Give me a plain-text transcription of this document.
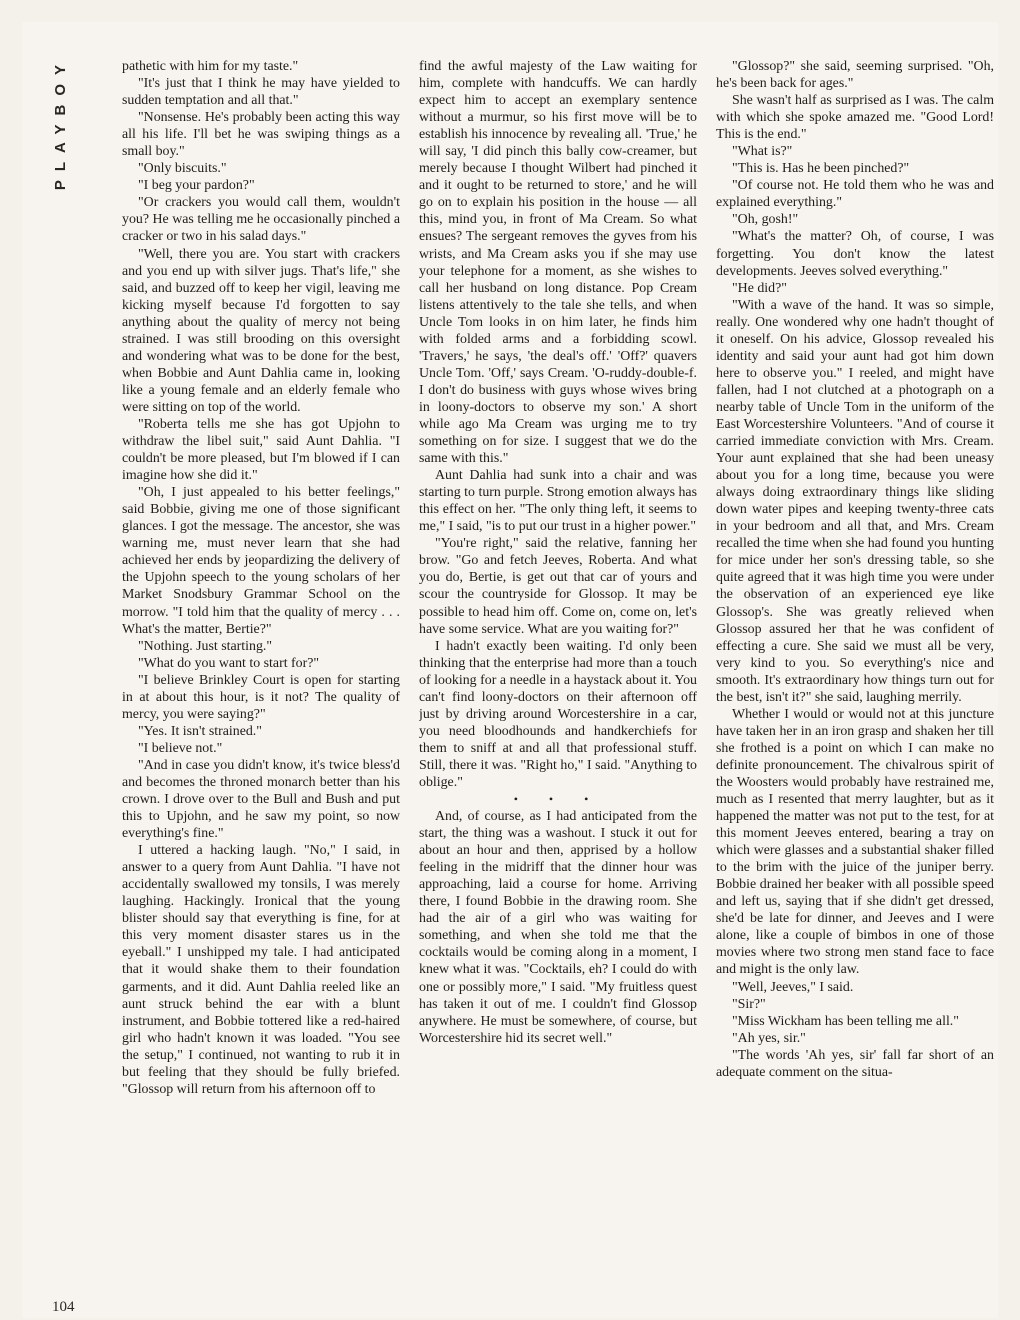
PLAYBOY
104

pathetic with him for my taste."

"It's just that I think he may have yielded to sudden temptation and all that."

"Nonsense. He's probably been acting this way all his life. I'll bet he was swiping things as a small boy."

"Only biscuits."

"I beg your pardon?"

"Or crackers you would call them, wouldn't you? He was telling me he occasionally pinched a cracker or two in his salad days."

"Well, there you are. You start with crackers and you end up with silver jugs. That's life," she said, and buzzed off to keep her vigil, leaving me kicking myself because I'd forgotten to say anything about the quality of mercy not being strained. I was still brooding on this oversight and wondering what was to be done for the best, when Bobbie and Aunt Dahlia came in, looking like a young female and an elderly female who were sitting on top of the world.

"Roberta tells me she has got Upjohn to withdraw the libel suit," said Aunt Dahlia. "I couldn't be more pleased, but I'm blowed if I can imagine how she did it."

"Oh, I just appealed to his better feelings," said Bobbie, giving me one of those significant glances. I got the message. The ancestor, she was warning me, must never learn that she had achieved her ends by jeopardizing the delivery of the Upjohn speech to the young scholars of her Market Snodsbury Grammar School on the morrow. "I told him that the quality of mercy . . . What's the matter, Bertie?"

"Nothing. Just starting."

"What do you want to start for?"

"I believe Brinkley Court is open for starting in at about this hour, is it not? The quality of mercy, you were saying?"

"Yes. It isn't strained."

"I believe not."

"And in case you didn't know, it's twice bless'd and becomes the throned monarch better than his crown. I drove over to the Bull and Bush and put this to Upjohn, and he saw my point, so now everything's fine."

I uttered a hacking laugh. "No," I said, in answer to a query from Aunt Dahlia. "I have not accidentally swallowed my tonsils, I was merely laughing. Hackingly. Ironical that the young blister should say that everything is fine, for at this very moment disaster stares us in the eyeball." I unshipped my tale. I had anticipated that it would shake them to their foundation garments, and it did. Aunt Dahlia reeled like an aunt struck behind the ear with a blunt instrument, and Bobbie tottered like a red-haired girl who hadn't known it was loaded. "You see the setup," I continued, not wanting to rub it in but feeling that they should be fully briefed. "Glossop will return from his afternoon off to

find the awful majesty of the Law waiting for him, complete with handcuffs. We can hardly expect him to accept an exemplary sentence without a murmur, so his first move will be to establish his innocence by revealing all. 'True,' he will say, 'I did pinch this bally cow-creamer, but merely because I thought Wilbert had pinched it and it ought to be returned to store,' and he will go on to explain his position in the house — all this, mind you, in front of Ma Cream. So what ensues? The sergeant removes the gyves from his wrists, and Ma Cream asks you if she may use your telephone for a moment, as she wishes to call her husband on long distance. Pop Cream listens attentively to the tale she tells, and when Uncle Tom looks in on him later, he finds him with folded arms and a forbidding scowl. 'Travers,' he says, 'the deal's off.' 'Off?' quavers Uncle Tom. 'Off,' says Cream. 'O-ruddy-double-f. I don't do business with guys whose wives bring in loony-doctors to observe my son.' A short while ago Ma Cream was urging me to try something on for size. I suggest that we do the same with this."

Aunt Dahlia had sunk into a chair and was starting to turn purple. Strong emotion always has this effect on her. "The only thing left, it seems to me," I said, "is to put our trust in a higher power."

"You're right," said the relative, fanning her brow. "Go and fetch Jeeves, Roberta. And what you do, Bertie, is get out that car of yours and scour the countryside for Glossop. It may be possible to head him off. Come on, come on, let's have some service. What are you waiting for?"

I hadn't exactly been waiting. I'd only been thinking that the enterprise had more than a touch of looking for a needle in a haystack about it. You can't find loony-doctors on their afternoon off just by driving around Worcestershire in a car, you need bloodhounds and handkerchiefs for them to sniff at and all that professional stuff. Still, there it was. "Right ho," I said. "Anything to oblige."

• • •

And, of course, as I had anticipated from the start, the thing was a washout. I stuck it out for about an hour and then, apprised by a hollow feeling in the midriff that the dinner hour was approaching, laid a course for home. Arriving there, I found Bobbie in the drawing room. She had the air of a girl who was waiting for something, and when she told me that the cocktails would be coming along in a moment, I knew what it was. "Cocktails, eh? I could do with one or possibly more," I said. "My fruitless quest has taken it out of me. I couldn't find Glossop anywhere. He must be somewhere, of course, but Worcestershire hid its secret well."

"Glossop?" she said, seeming surprised. "Oh, he's been back for ages."

She wasn't half as surprised as I was. The calm with which she spoke amazed me. "Good Lord! This is the end."

"What is?"

"This is. Has he been pinched?"

"Of course not. He told them who he was and explained everything."

"Oh, gosh!"

"What's the matter? Oh, of course, I was forgetting. You don't know the latest developments. Jeeves solved everything."

"He did?"

"With a wave of the hand. It was so simple, really. One wondered why one hadn't thought of it oneself. On his advice, Glossop revealed his identity and said your aunt had got him down here to observe you." I reeled, and might have fallen, had I not clutched at a photograph on a nearby table of Uncle Tom in the uniform of the East Worcestershire Volunteers. "And of course it carried immediate conviction with Mrs. Cream. Your aunt explained that she had been uneasy about you for a long time, because you were always doing extraordinary things like sliding down water pipes and keeping twenty-three cats in your bedroom and all that, and Mrs. Cream recalled the time when she had found you hunting for mice under her son's dressing table, so she quite agreed that it was high time you were under the observation of an experienced eye like Glossop's. She was greatly relieved when Glossop assured her that he was confident of effecting a cure. She said we must all be very, very kind to you. So everything's nice and smooth. It's extraordinary how things turn out for the best, isn't it?" she said, laughing merrily.

Whether I would or would not at this juncture have taken her in an iron grasp and shaken her till she frothed is a point on which I can make no definite pronouncement. The chivalrous spirit of the Woosters would probably have restrained me, much as I resented that merry laughter, but as it happened the matter was not put to the test, for at this moment Jeeves entered, bearing a tray on which were glasses and a substantial shaker filled to the brim with the juice of the juniper berry. Bobbie drained her beaker with all possible speed and left us, saying that if she didn't get dressed, she'd be late for dinner, and Jeeves and I were alone, like a couple of bimbos in one of those movies where two strong men stand face to face and might is the only law.

"Well, Jeeves," I said.

"Sir?"

"Miss Wickham has been telling me all."

"Ah yes, sir."

"The words 'Ah yes, sir' fall far short of an adequate comment on the situa-
